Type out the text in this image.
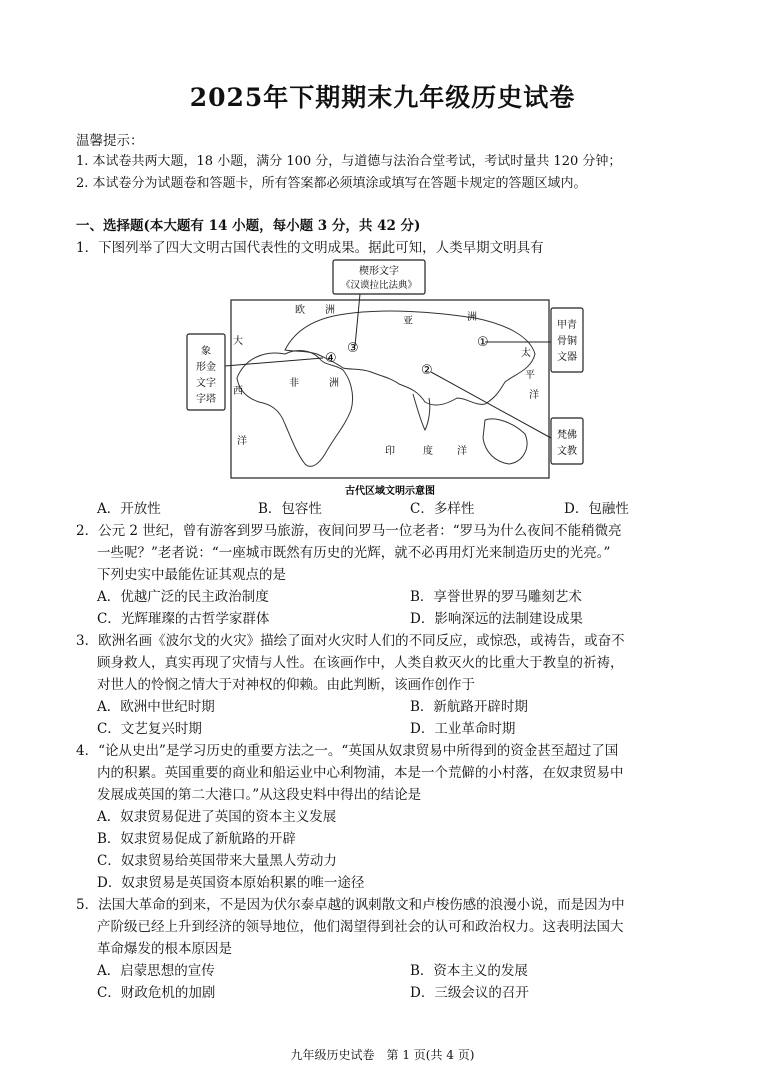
2025年下期期末九年级历史试卷
温馨提示：
1. 本试卷共两大题，18 小题，满分 100 分，与道德与法治合堂考试，考试时量共 120 分钟；
2. 本试卷分为试题卷和答题卡，所有答案都必须填涂或填写在答题卡规定的答题区域内。
一、选择题(本大题有 14 小题，每小题 3 分，共 42 分)
1．下图列举了四大文明古国代表性的文明成果。据此可知，人类早期文明具有
楔形文字
《汉谟拉比法典》
象
形金
文字
字塔
甲青
骨铜
文器
梵佛
文教
欧 洲
亚	洲
大
西
洋
非	洲
太
平
洋
印	度 洋
①
②
③
④
古代区域文明示意图
A．开放性	B．包容性	C．多样性	D．包融性
2．公元 2 世纪，曾有游客到罗马旅游，夜间问罗马一位老者：“罗马为什么夜间不能稍微亮
一些呢？”老者说：“一座城市既然有历史的光辉，就不必再用灯光来制造历史的光亮。”
下列史实中最能佐证其观点的是
A．优越广泛的民主政治制度	B．享誉世界的罗马雕刻艺术
C．光辉璀璨的古哲学家群体	D．影响深远的法制建设成果
3．欧洲名画《波尔戈的火灾》描绘了面对火灾时人们的不同反应，或惊恐，或祷告，或奋不
顾身救人，真实再现了灾情与人性。在该画作中，人类自救灭火的比重大于教皇的祈祷，
对世人的怜悯之情大于对神权的仰赖。由此判断，该画作创作于
A．欧洲中世纪时期	B．新航路开辟时期
C．文艺复兴时期	D．工业革命时期
4．“论从史出”是学习历史的重要方法之一。“英国从奴隶贸易中所得到的资金甚至超过了国
内的积累。英国重要的商业和船运业中心利物浦，本是一个荒僻的小村落，在奴隶贸易中
发展成英国的第二大港口。”从这段史料中得出的结论是
A．奴隶贸易促进了英国的资本主义发展
B．奴隶贸易促成了新航路的开辟
C．奴隶贸易给英国带来大量黑人劳动力
D．奴隶贸易是英国资本原始积累的唯一途径
5．法国大革命的到来，不是因为伏尔泰卓越的讽刺散文和卢梭伤感的浪漫小说，而是因为中
产阶级已经上升到经济的领导地位，他们渴望得到社会的认可和政治权力。这表明法国大
革命爆发的根本原因是
A．启蒙思想的宣传	B．资本主义的发展
C．财政危机的加剧	D．三级会议的召开
九年级历史试卷　第 1 页(共 4 页)
